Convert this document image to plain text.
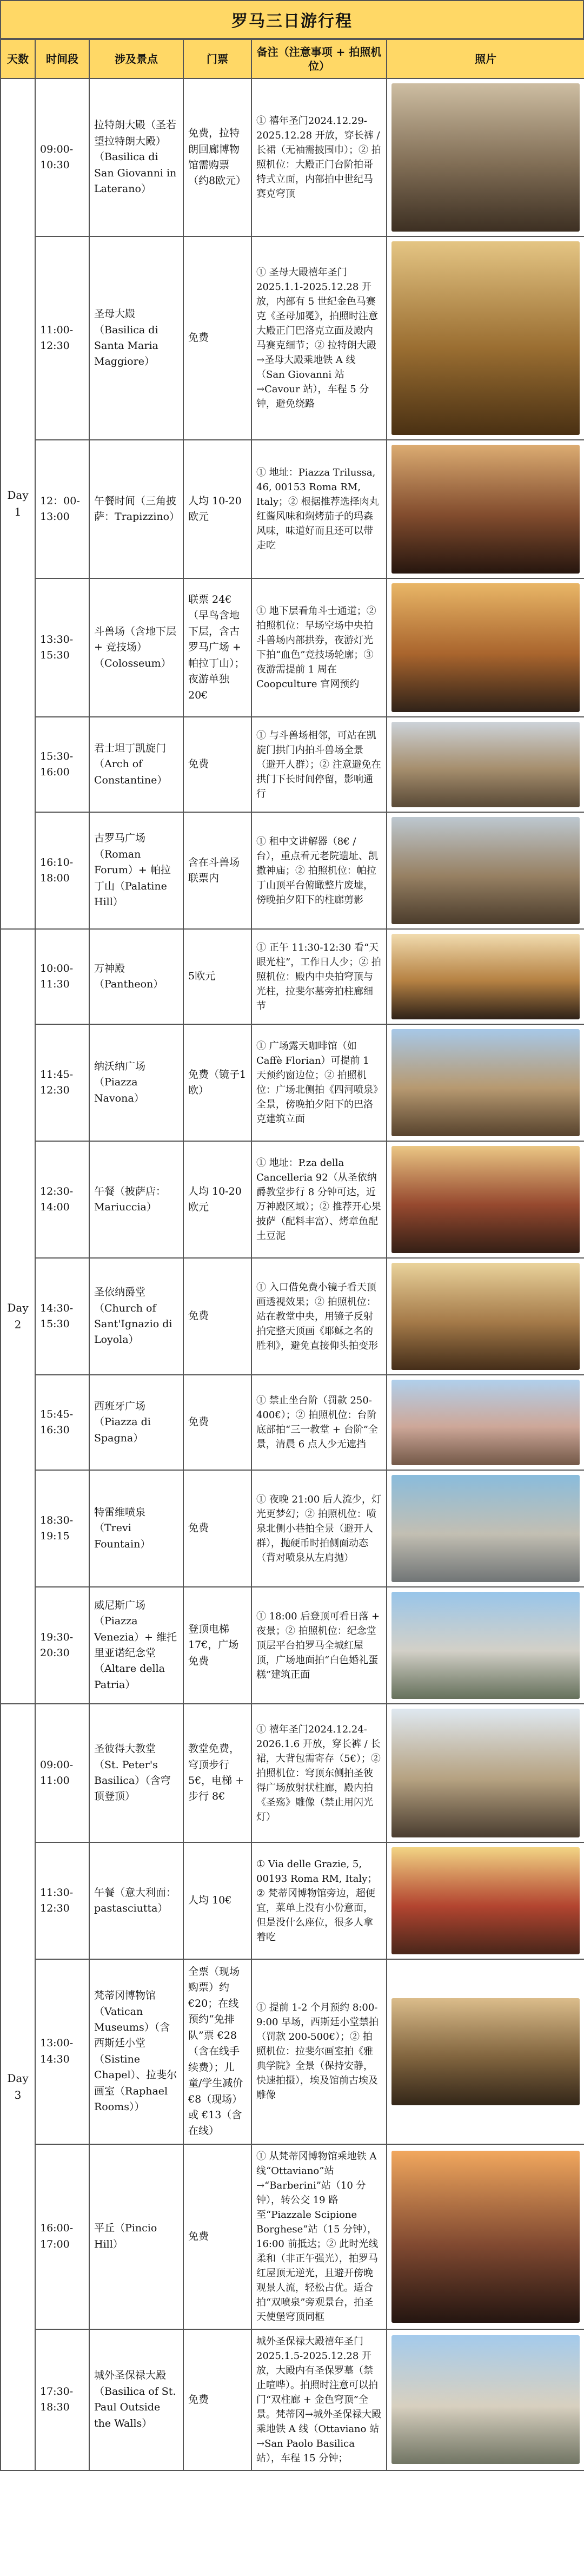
罗马三日游行程
天数	时间段	涉及景点	门票	备注（注意事项 + 拍照机位）	照片
Day1	09:00-10:30	拉特朗大殿（圣若望拉特朗大殿）（Basilica di San Giovanni in Laterano）	免费，拉特朗回廊博物馆需购票（约8欧元）	① 禧年圣门2024.12.29-2025.12.28 开放，穿长裤 / 长裙（无袖需披围巾）；② 拍照机位：大殿正门台阶拍哥特式立面，内部拍中世纪马赛克穹顶	

	11:00-12:30	圣母大殿（Basilica di Santa Maria Maggiore）	免费	① 圣母大殿禧年圣门2025.1.1-2025.12.28 开放，内部有 5 世纪金色马赛克《圣母加冕》，拍照时注意大殿正门巴洛克立面及殿内马赛克细节；② 拉特朗大殿→圣母大殿乘地铁 A 线（San Giovanni 站→Cavour 站），车程 5 分钟，避免绕路	

	12：00-13:00	午餐时间（三角披萨：Trapizzino）	人均 10-20 欧元	① 地址：Piazza Trilussa, 46, 00153 Roma RM, Italy；② 根据推荐选择肉丸红酱风味和焖烤茄子的玛森风味，味道好而且还可以带走吃	

	13:30-15:30	斗兽场（含地下层 + 竞技场）（Colosseum）	联票 24€（早鸟含地下层，含古罗马广场 + 帕拉丁山）；夜游单独 20€	① 地下层看角斗士通道；② 拍照机位：早场空场中央拍斗兽场内部拱券，夜游灯光下拍“血色”竞技场轮廓；③ 夜游需提前 1 周在 Coopculture 官网预约	

	15:30-16:00	君士坦丁凯旋门（Arch of Constantine）	免费	① 与斗兽场相邻，可站在凯旋门拱门内拍斗兽场全景（避开人群）；② 注意避免在拱门下长时间停留，影响通行	

	16:10-18:00	古罗马广场（Roman Forum）+ 帕拉丁山（Palatine Hill）	含在斗兽场联票内	① 租中文讲解器（8€ / 台），重点看元老院遗址、凯撒神庙；② 拍照机位：帕拉丁山顶平台俯瞰整片废墟，傍晚拍夕阳下的柱廊剪影	

Day2	10:00-11:30	万神殿（Pantheon）	5欧元	① 正午 11:30-12:30 看“天眼光柱”，工作日人少；② 拍照机位：殿内中央拍穹顶与光柱，拉斐尔墓旁拍柱廊细节	

	11:45-12:30	纳沃纳广场（Piazza Navona）	免费（镜子1欧）	① 广场露天咖啡馆（如 Caffè Florian）可提前 1 天预约窗边位；② 拍照机位：广场北侧拍《四河喷泉》全景，傍晚拍夕阳下的巴洛克建筑立面	

	12:30-14:00	午餐（披萨店：Mariuccia）	人均 10-20 欧元	① 地址：P.za della Cancelleria 92（从圣依纳爵教堂步行 8 分钟可达，近万神殿区域）；② 推荐开心果披萨（配料丰富）、烤章鱼配土豆泥	

	14:30-15:30	圣依纳爵堂（Church of Sant'Ignazio di Loyola）	免费	① 入口借免费小镜子看天顶画透视效果；② 拍照机位：站在教堂中央，用镜子反射拍完整天顶画《耶稣之名的胜利》，避免直接仰头拍变形	

	15:45-16:30	西班牙广场（Piazza di Spagna）	免费	① 禁止坐台阶（罚款 250-400€）；② 拍照机位：台阶底部拍“三一教堂 + 台阶”全景，清晨 6 点人少无遮挡	

	18:30-19:15	特雷维喷泉（Trevi Fountain）	免费	① 夜晚 21:00 后人流少，灯光更梦幻；② 拍照机位：喷泉北侧小巷拍全景（避开人群），抛硬币时拍侧面动态（背对喷泉从左肩抛）	

	19:30-20:30	威尼斯广场（Piazza Venezia）+ 维托里亚诺纪念堂（Altare della Patria）	登顶电梯 17€，广场免费	① 18:00 后登顶可看日落 + 夜景；② 拍照机位：纪念堂顶层平台拍罗马全城红屋顶，广场地面拍“白色婚礼蛋糕”建筑正面	

Day3	09:00-11:00	圣彼得大教堂（St. Peter's Basilica）（含穹顶登顶）	教堂免费，穹顶步行 5€，电梯 + 步行 8€	① 禧年圣门2024.12.24-2026.1.6 开放，穿长裤 / 长裙，大背包需寄存（5€）；② 拍照机位：穹顶东侧拍圣彼得广场放射状柱廊，殿内拍《圣殇》雕像（禁止用闪光灯）	

	11:30-12:30	午餐（意大利面：pastasciutta）	人均 10€	① Via delle Grazie, 5, 00193 Roma RM, Italy；② 梵蒂冈博物馆旁边，超便宜，菜单上没有小份意面，但是没什么座位，很多人拿着吃	

	13:00-14:30	梵蒂冈博物馆（Vatican Museums）（含西斯廷小堂（Sistine Chapel）、拉斐尔画室（Raphael Rooms））	全票（现场购票）约 €20；在线预约“免排队”票 €28（含在线手续费）；儿童/学生减价 €8（现场）或 €13（含在线）	① 提前 1-2 个月预约 8:00-9:00 早场，西斯廷小堂禁拍（罚款 200-500€）；② 拍照机位：拉斐尔画室拍《雅典学院》全景（保持安静，快速拍摄），埃及馆前古埃及雕像	

	16:00-17:00	平丘（Pincio Hill）	免费	① 从梵蒂冈博物馆乘地铁 A 线“Ottaviano”站→“Barberini”站（10 分钟），转公交 19 路至“Piazzale Scipione Borghese”站（15 分钟），16:00 前抵达；② 此时光线柔和（非正午强光），拍罗马红屋顶无逆光，且避开傍晚观景人流，轻松占优。适合拍“双喷泉”旁观景台，拍圣天使堡穹顶同框	

	17:30-18:30	城外圣保禄大殿（Basilica of St. Paul Outside the Walls）	免费	城外圣保禄大殿禧年圣门 2025.1.5-2025.12.28 开放，大殿内有圣保罗墓（禁止喧哗）。拍照时注意可以拍门“双柱廊 + 金色穹顶”全景。梵蒂冈→城外圣保禄大殿乘地铁 A 线（Ottaviano 站→San Paolo Basilica 站），车程 15 分钟；	
